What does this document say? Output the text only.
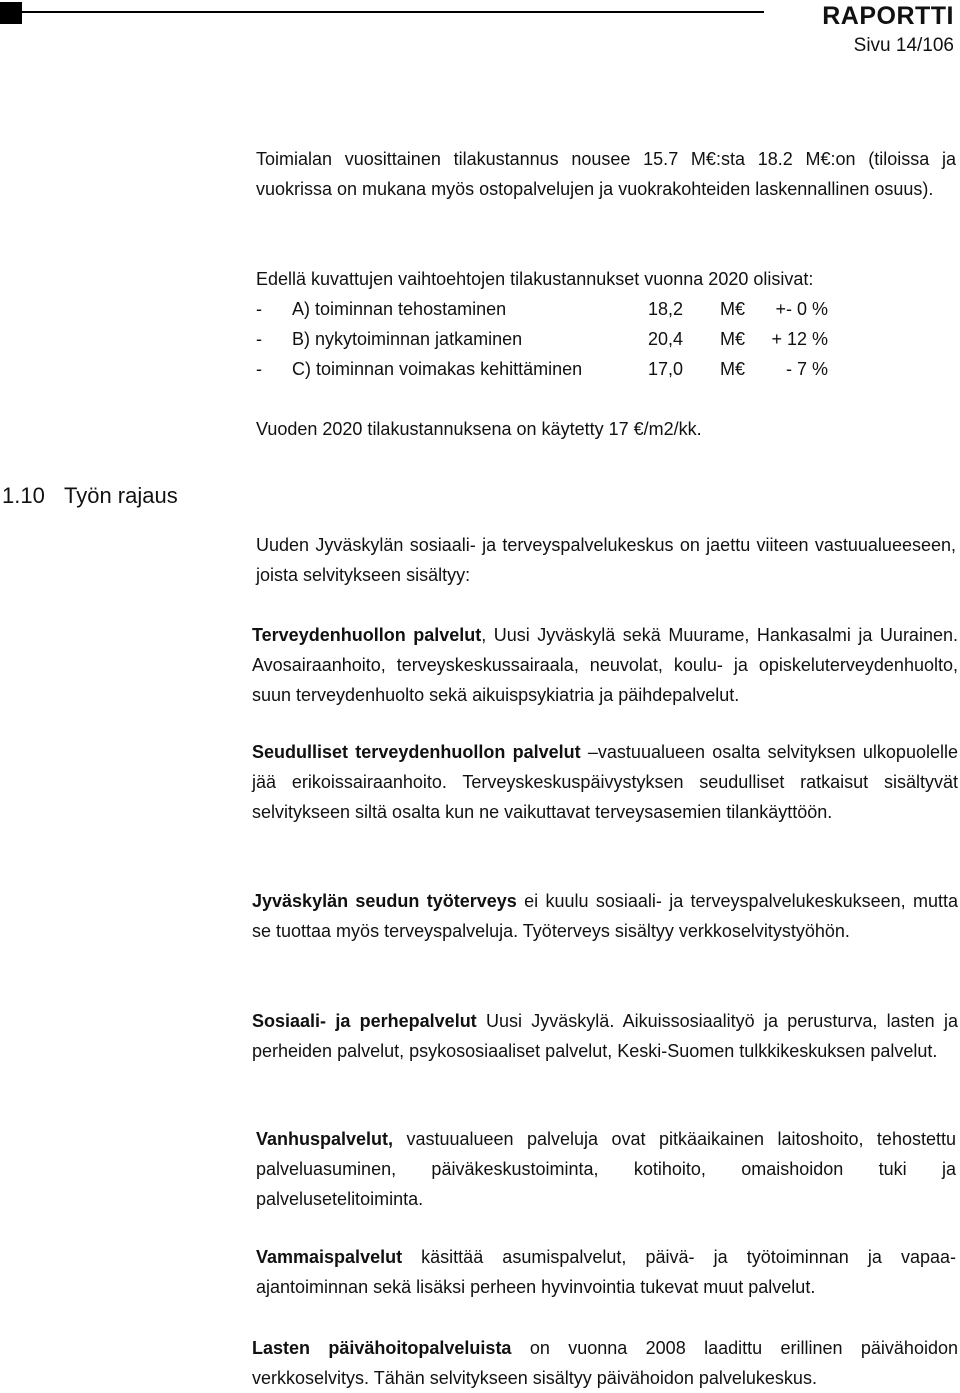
RAPORTTI
Sivu 14/106

Toimialan vuosittainen tilakustannus nousee 15.7 M€:sta 18.2 M€:on (tiloissa ja vuokrissa on mukana myös ostopalvelujen ja vuokrakohteiden laskennallinen osuus).

Edellä kuvattujen vaihtoehtojen tilakustannukset vuonna 2020 olisivat:

- A) toiminnan tehostaminen	18,2 M€ +- 0 %
- B) nykytoiminnan jatkaminen	20,4 M€ + 12 %
- C) toiminnan voimakas kehittäminen	17,0 M€ - 7 %

Vuoden 2020 tilakustannuksena on käytetty 17 €/m2/kk.

1.10 Työn rajaus

Uuden Jyväskylän sosiaali- ja terveyspalvelukeskus on jaettu viiteen vastuualueeseen, joista selvitykseen sisältyy:

Terveydenhuollon palvelut, Uusi Jyväskylä sekä Muurame, Hankasalmi ja Uurainen. Avosairaanhoito, terveyskeskussairaala, neuvolat, koulu- ja opiskeluterveydenhuolto, suun terveydenhuolto sekä aikuispsykiatria ja päihdepalvelut.

Seudulliset terveydenhuollon palvelut –vastuualueen osalta selvityksen ulkopuolelle jää erikoissairaanhoito. Terveyskeskuspäivystyksen seudulliset ratkaisut sisältyvät selvitykseen siltä osalta kun ne vaikuttavat terveysasemien tilankäyttöön.

Jyväskylän seudun työterveys ei kuulu sosiaali- ja terveyspalvelukeskukseen, mutta se tuottaa myös terveyspalveluja. Työterveys sisältyy verkkoselvitystyöhön.

Sosiaali- ja perhepalvelut Uusi Jyväskylä. Aikuissosiaalityö ja perusturva, lasten ja perheiden palvelut, psykososiaaliset palvelut, Keski-Suomen tulkkikeskuksen palvelut.

Vanhuspalvelut, vastuualueen palveluja ovat pitkäaikainen laitoshoito, tehostettu palveluasuminen, päiväkeskustoiminta, kotihoito, omaishoidon tuki ja palvelusetelitoiminta.

Vammaispalvelut käsittää asumispalvelut, päivä- ja työtoiminnan ja vapaa-ajantoiminnan sekä lisäksi perheen hyvinvointia tukevat muut palvelut.

Lasten päivähoitopalveluista on vuonna 2008 laadittu erillinen päivähoidon verkkoselvitys. Tähän selvitykseen sisältyy päivähoidon palvelukeskus.
